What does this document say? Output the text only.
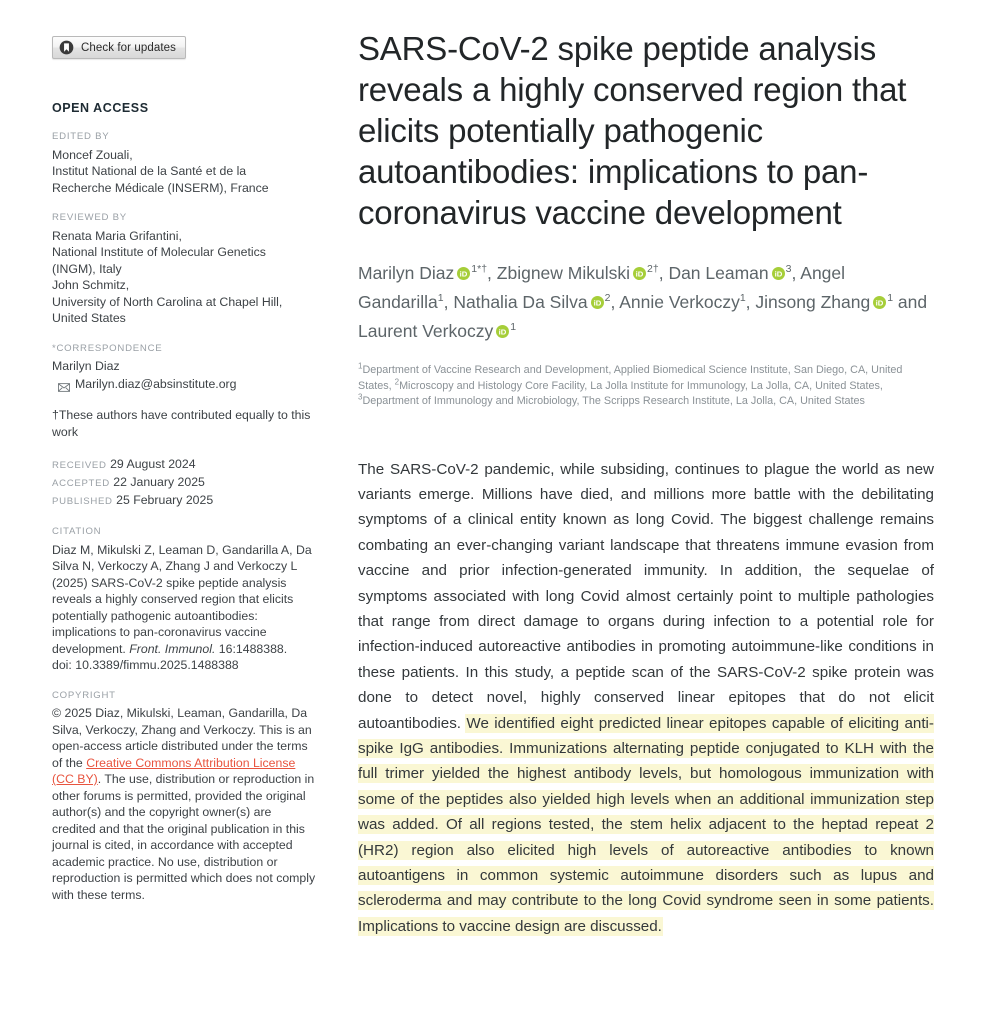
Check for updates
OPEN ACCESS
EDITED BY

Moncef Zouali,

Institut National de la Santé et de la

Recherche Médicale (INSERM), France

REVIEWED BY

Renata Maria Grifantini,

National Institute of Molecular Genetics

(INGM), Italy

John Schmitz,

University of North Carolina at Chapel Hill,

United States

*CORRESPONDENCE

Marilyn Diaz

Marilyn.diaz@absinstitute.org
†These authors have contributed equally to this work
RECEIVED 29 August 2024
ACCEPTED 22 January 2025
PUBLISHED 25 February 2025
CITATION
Diaz M, Mikulski Z, Leaman D, Gandarilla A, Da Silva N, Verkoczy A, Zhang J and Verkoczy L (2025) SARS-CoV-2 spike peptide analysis reveals a highly conserved region that elicits potentially pathogenic autoantibodies: implications to pan-coronavirus vaccine development. Front. Immunol. 16:1488388.
doi: 10.3389/fimmu.2025.1488388
COPYRIGHT
© 2025 Diaz, Mikulski, Leaman, Gandarilla, Da Silva, Verkoczy, Zhang and Verkoczy. This is an open-access article distributed under the terms of the Creative Commons Attribution License (CC BY). The use, distribution or reproduction in other forums is permitted, provided the original author(s) and the copyright owner(s) are credited and that the original publication in this journal is cited, in accordance with accepted academic practice. No use, distribution or reproduction is permitted which does not comply with these terms.
SARS-CoV-2 spike peptide analysis reveals a highly conserved region that elicits potentially pathogenic autoantibodies: implications to pan-coronavirus vaccine development
Marilyn Diaz iD $^{1*\dagger}$, Zbignew Mikulski iD $^{2\dagger}$, Dan Leaman iD $^3$, Angel Gandarilla$^1$, Nathalia Da Silva iD $^2$, Annie Verkoczy$^1$, Jinsong Zhang iD $^1$ and Laurent Verkoczy iD $^1$
$^1$Department of Vaccine Research and Development, Applied Biomedical Science Institute, San Diego, CA, United States, $^2$Microscopy and Histology Core Facility, La Jolla Institute for Immunology, La Jolla, CA, United States, $^3$Department of Immunology and Microbiology, The Scripps Research Institute, La Jolla, CA, United States
The SARS-CoV-2 pandemic, while subsiding, continues to plague the world as new variants emerge. Millions have died, and millions more battle with the debilitating symptoms of a clinical entity known as long Covid. The biggest challenge remains combating an ever-changing variant landscape that threatens immune evasion from vaccine and prior infection-generated immunity. In addition, the sequelae of symptoms associated with long Covid almost certainly point to multiple pathologies that range from direct damage to organs during infection to a potential role for infection-induced autoreactive antibodies in promoting autoimmune-like conditions in these patients. In this study, a peptide scan of the SARS-CoV-2 spike protein was done to detect novel, highly conserved linear epitopes that do not elicit autoantibodies. We identified eight predicted linear epitopes capable of eliciting anti-spike IgG antibodies. Immunizations alternating peptide conjugated to KLH with the full trimer yielded the highest antibody levels, but homologous immunization with some of the peptides also yielded high levels when an additional immunization step was added. Of all regions tested, the stem helix adjacent to the heptad repeat 2 (HR2) region also elicited high levels of autoreactive antibodies to known autoantigens in common systemic autoimmune disorders such as lupus and scleroderma and may contribute to the long Covid syndrome seen in some patients. Implications to vaccine design are discussed.
